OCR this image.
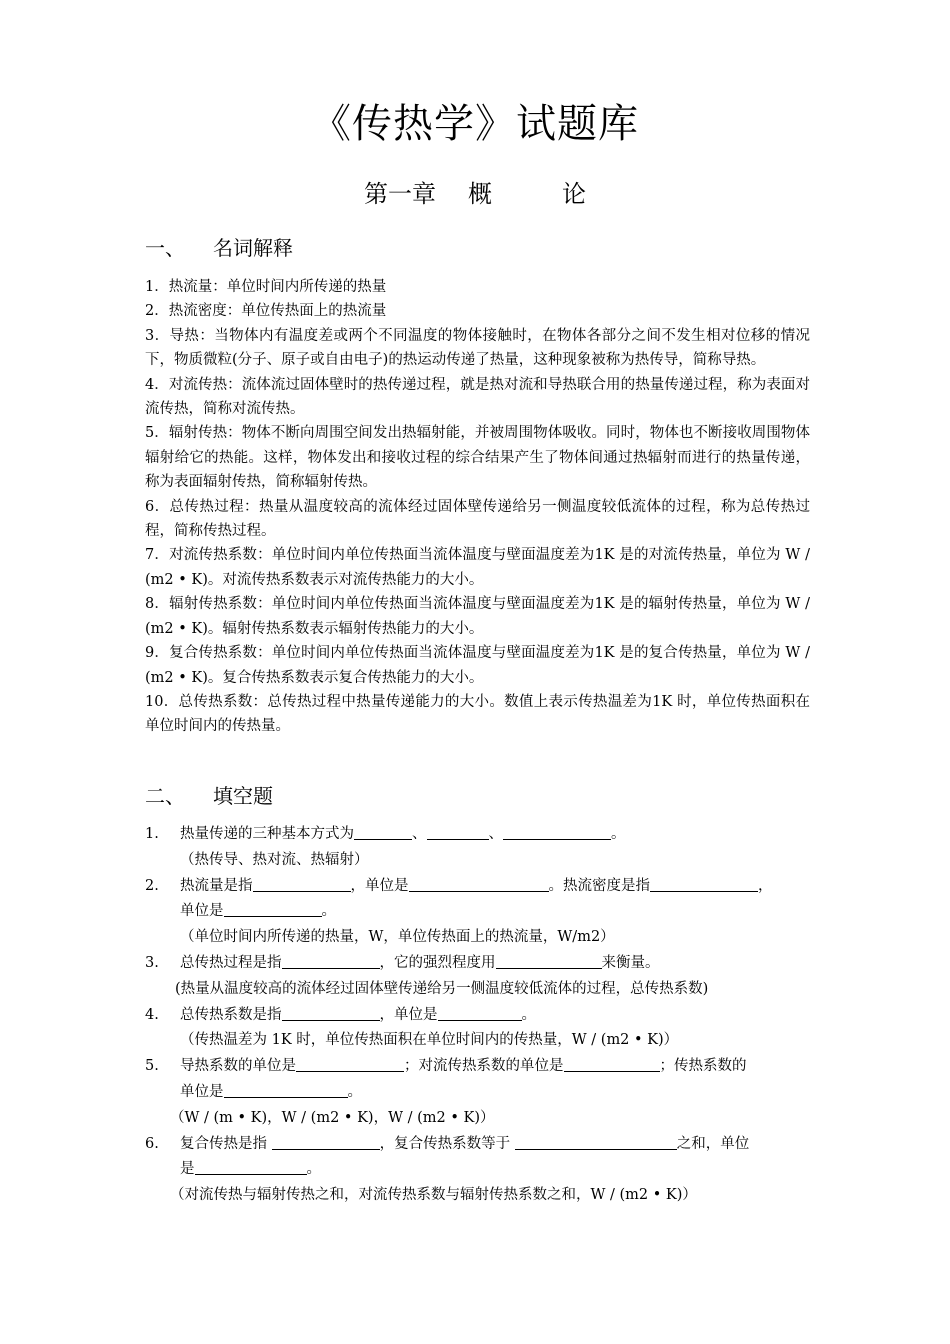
《传热学》试题库
第一章 概	论
一、 名词解释

1．热流量：单位时间内所传递的热量

2．热流密度：单位传热面上的热流量

3．导热：当物体内有温度差或两个不同温度的物体接触时，在物体各部分之间不发生相对位移的情况下，物质微粒(分子、原子或自由电子)的热运动传递了热量，这种现象被称为热传导，简称导热。

4．对流传热：流体流过固体壁时的热传递过程，就是热对流和导热联合用的热量传递过程，称为表面对流传热，简称对流传热。

5．辐射传热：物体不断向周围空间发出热辐射能，并被周围物体吸收。同时，物体也不断接收周围物体辐射给它的热能。这样，物体发出和接收过程的综合结果产生了物体间通过热辐射而进行的热量传递，称为表面辐射传热，简称辐射传热。

6．总传热过程：热量从温度较高的流体经过固体壁传递给另一侧温度较低流体的过程，称为总传热过程，简称传热过程。

7．对流传热系数：单位时间内单位传热面当流体温度与壁面温度差为1K 是的对流传热量，单位为 W / (m2 • K)。对流传热系数表示对流传热能力的大小。

8．辐射传热系数：单位时间内单位传热面当流体温度与壁面温度差为1K 是的辐射传热量，单位为 W / (m2 • K)。辐射传热系数表示辐射传热能力的大小。

9．复合传热系数：单位时间内单位传热面当流体温度与壁面温度差为1K 是的复合传热量，单位为 W / (m2 • K)。复合传热系数表示复合传热能力的大小。

10．总传热系数：总传热过程中热量传递能力的大小。数值上表示传热温差为1K 时，单位传热面积在单位时间内的传热量。

二、 填空题
1.	热量传递的三种基本方式为	、	、	。
（热传导、热对流、热辐射）
2.	热流量是指	，单位是	。热流密度是指	，
单位是	。
（单位时间内所传递的热量，W，单位传热面上的热流量，W/m2）
3.	总传热过程是指	，它的强烈程度用	来衡量。
(热量从温度较高的流体经过固体壁传递给另一侧温度较低流体的过程，总传热系数)
4.	总传热系数是指	，单位是	。
（传热温差为 1K 时，单位传热面积在单位时间内的传热量，W / (m2 • K)）
5.	导热系数的单位是	；对流传热系数的单位是	；传热系数的
单位是	。
（W / (m • K)，W / (m2 • K)，W / (m2 • K)）
6.	复合传热是指	，复合传热系数等于	之和，单位
是	。
（对流传热与辐射传热之和，对流传热系数与辐射传热系数之和，W / (m2 • K)）
